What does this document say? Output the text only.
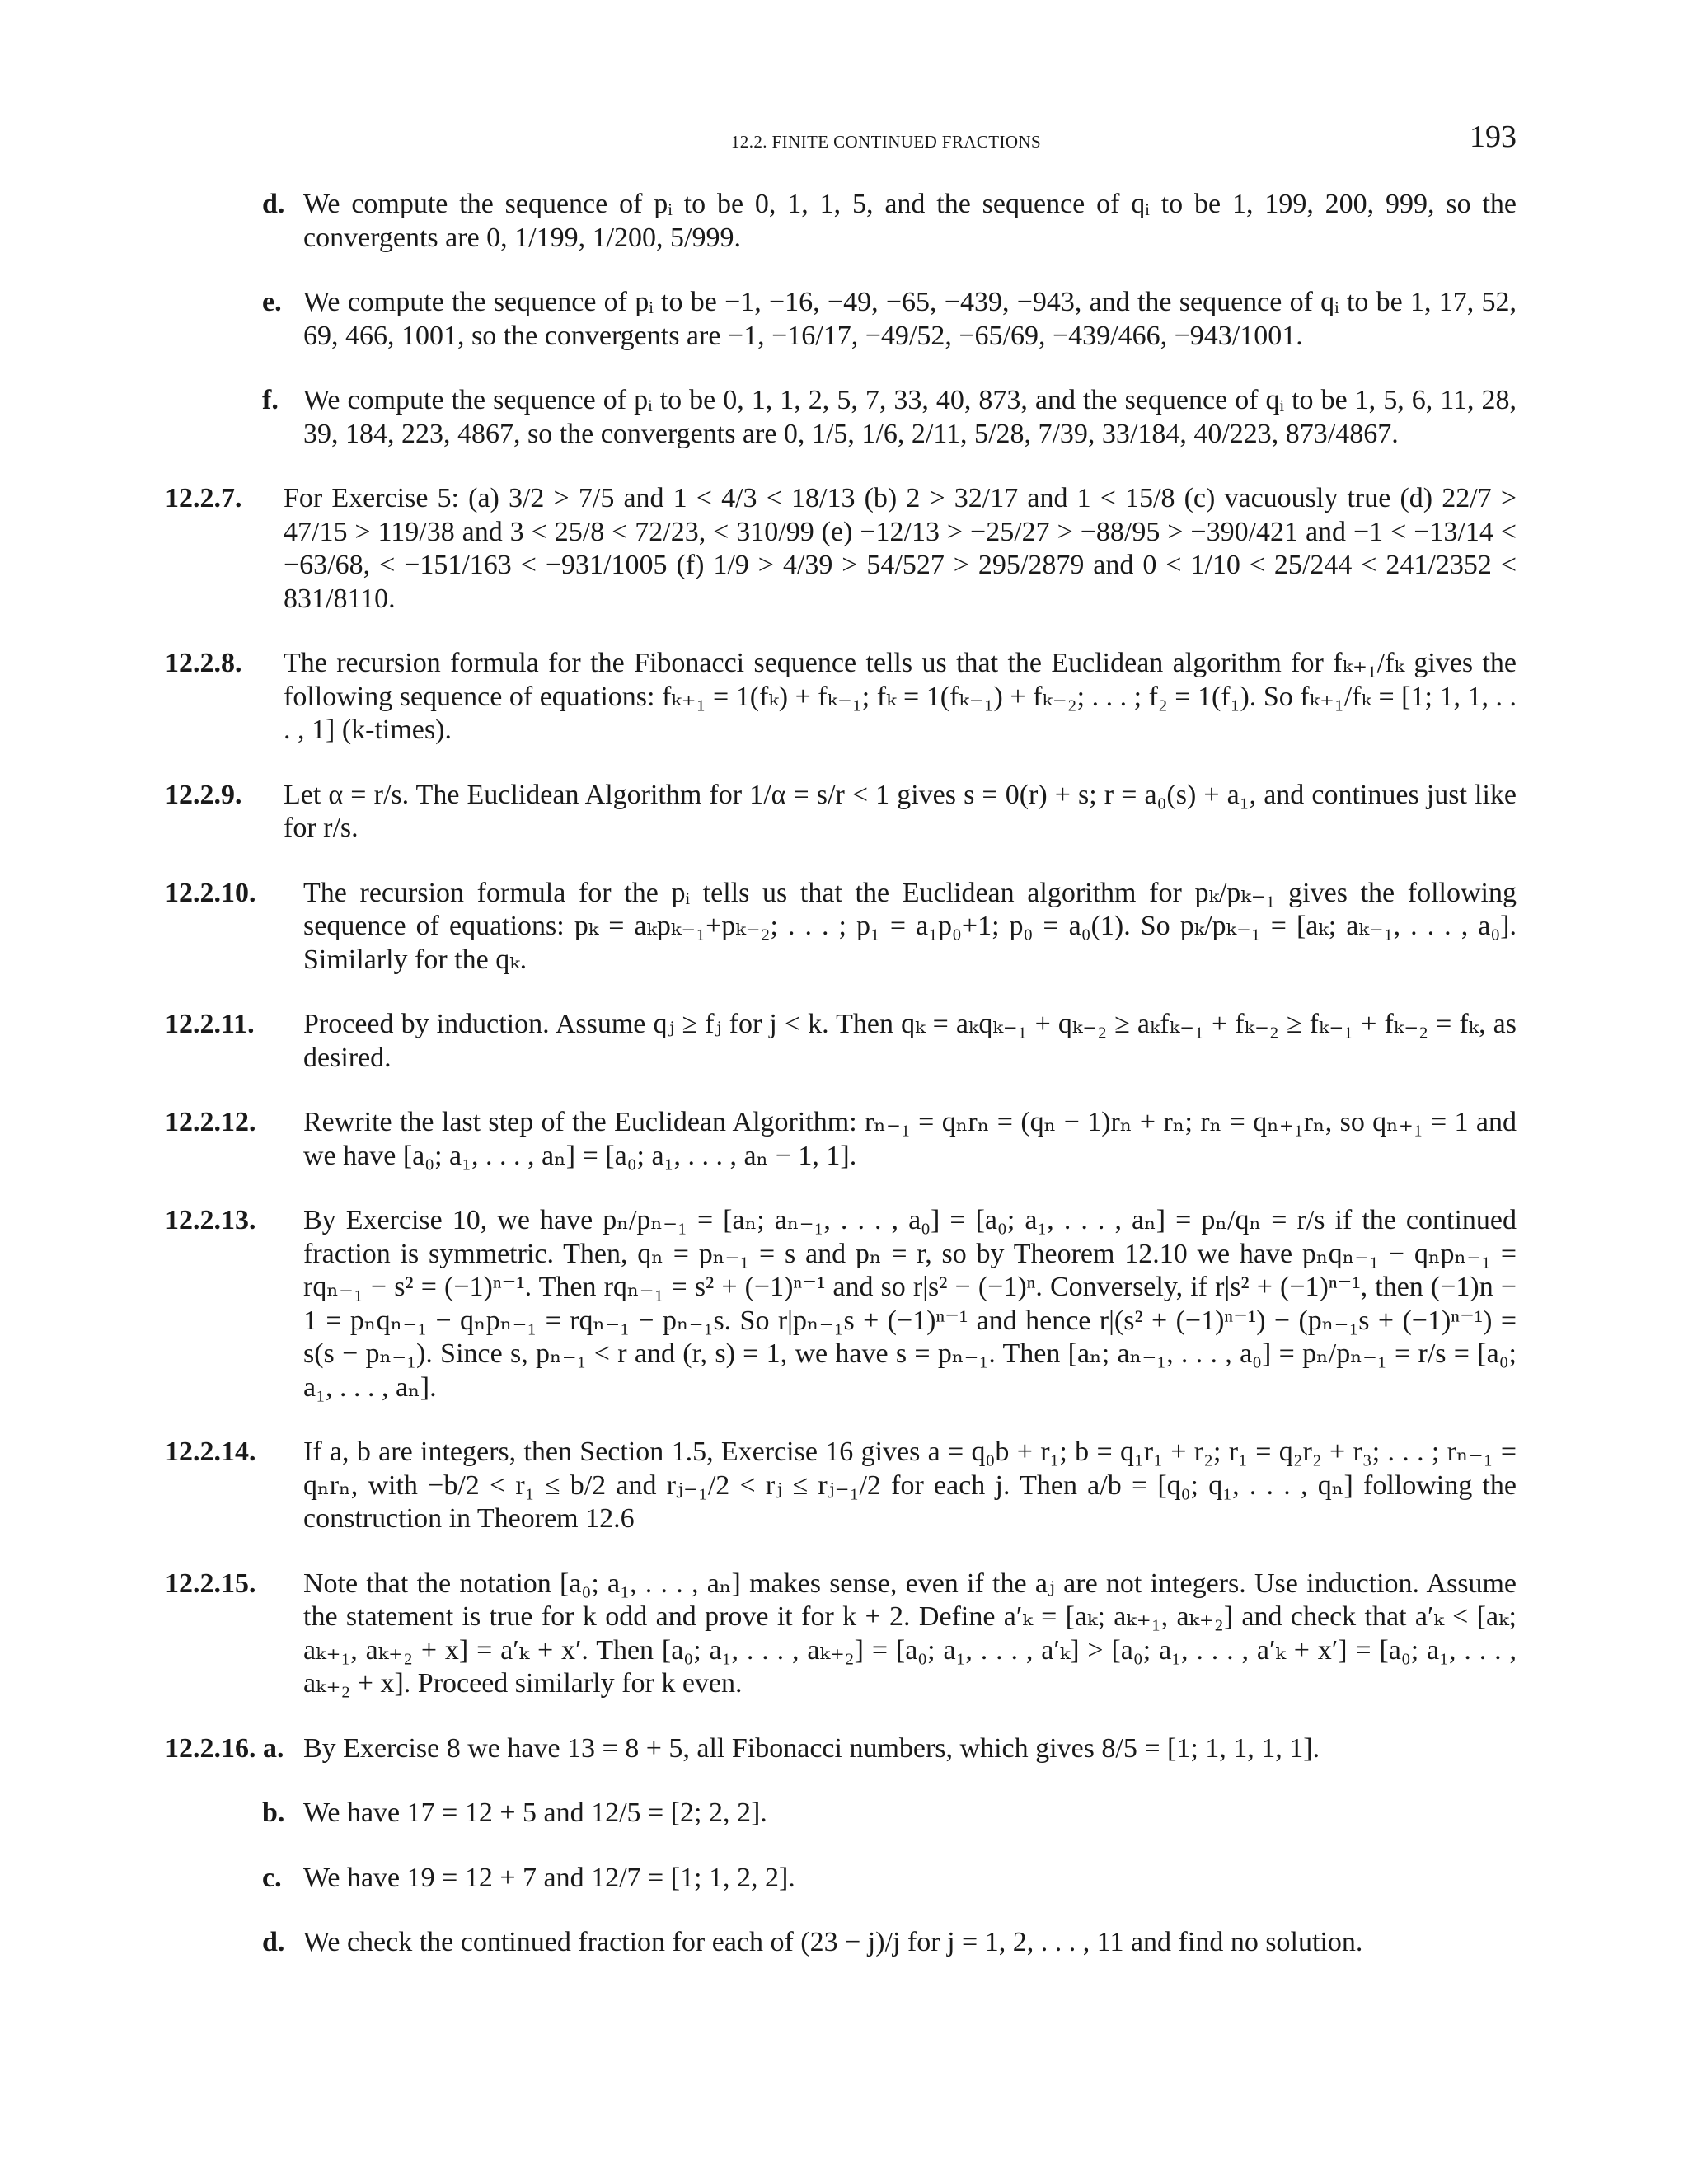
12.2. FINITE CONTINUED FRACTIONS	193
d. We compute the sequence of pᵢ to be 0, 1, 1, 5, and the sequence of qᵢ to be 1, 199, 200, 999, so the convergents are 0, 1/199, 1/200, 5/999.
e. We compute the sequence of pᵢ to be −1, −16, −49, −65, −439, −943, and the sequence of qᵢ to be 1, 17, 52, 69, 466, 1001, so the convergents are −1, −16/17, −49/52, −65/69, −439/466, −943/1001.
f. We compute the sequence of pᵢ to be 0, 1, 1, 2, 5, 7, 33, 40, 873, and the sequence of qᵢ to be 1, 5, 6, 11, 28, 39, 184, 223, 4867, so the convergents are 0, 1/5, 1/6, 2/11, 5/28, 7/39, 33/184, 40/223, 873/4867.
12.2.7. For Exercise 5: (a) 3/2 > 7/5 and 1 < 4/3 < 18/13 (b) 2 > 32/17 and 1 < 15/8 (c) vacuously true (d) 22/7 > 47/15 > 119/38 and 3 < 25/8 < 72/23, < 310/99 (e) −12/13 > −25/27 > −88/95 > −390/421 and −1 < −13/14 < −63/68, < −151/163 < −931/1005 (f) 1/9 > 4/39 > 54/527 > 295/2879 and 0 < 1/10 < 25/244 < 241/2352 < 831/8110.
12.2.8. The recursion formula for the Fibonacci sequence tells us that the Euclidean algorithm for fₖ₊₁/fₖ gives the following sequence of equations: fₖ₊₁ = 1(fₖ) + fₖ₋₁; fₖ = 1(fₖ₋₁) + fₖ₋₂; . . . ; f₂ = 1(f₁). So fₖ₊₁/fₖ = [1; 1, 1, . . . , 1] (k-times).
12.2.9. Let α = r/s. The Euclidean Algorithm for 1/α = s/r < 1 gives s = 0(r) + s; r = a₀(s) + a₁, and continues just like for r/s.
12.2.10. The recursion formula for the pᵢ tells us that the Euclidean algorithm for pₖ/pₖ₋₁ gives the following sequence of equations: pₖ = aₖpₖ₋₁+pₖ₋₂; . . . ; p₁ = a₁p₀+1; p₀ = a₀(1). So pₖ/pₖ₋₁ = [aₖ; aₖ₋₁, . . . , a₀]. Similarly for the qₖ.
12.2.11. Proceed by induction. Assume qⱼ ≥ fⱼ for j < k. Then qₖ = aₖqₖ₋₁ + qₖ₋₂ ≥ aₖfₖ₋₁ + fₖ₋₂ ≥ fₖ₋₁ + fₖ₋₂ = fₖ, as desired.
12.2.12. Rewrite the last step of the Euclidean Algorithm: rₙ₋₁ = qₙrₙ = (qₙ − 1)rₙ + rₙ; rₙ = qₙ₊₁rₙ, so qₙ₊₁ = 1 and we have [a₀; a₁, . . . , aₙ] = [a₀; a₁, . . . , aₙ − 1, 1].
12.2.13. By Exercise 10, we have pₙ/pₙ₋₁ = [aₙ; aₙ₋₁, . . . , a₀] = [a₀; a₁, . . . , aₙ] = pₙ/qₙ = r/s if the continued fraction is symmetric. Then, qₙ = pₙ₋₁ = s and pₙ = r, so by Theorem 12.10 we have pₙqₙ₋₁ − qₙpₙ₋₁ = rqₙ₋₁ − s² = (−1)ⁿ⁻¹. Then rqₙ₋₁ = s² + (−1)ⁿ⁻¹ and so r|s² − (−1)ⁿ. Conversely, if r|s² + (−1)ⁿ⁻¹, then (−1)n − 1 = pₙqₙ₋₁ − qₙpₙ₋₁ = rqₙ₋₁ − pₙ₋₁s. So r|pₙ₋₁s + (−1)ⁿ⁻¹ and hence r|(s² + (−1)ⁿ⁻¹) − (pₙ₋₁s + (−1)ⁿ⁻¹) = s(s − pₙ₋₁). Since s, pₙ₋₁ < r and (r, s) = 1, we have s = pₙ₋₁. Then [aₙ; aₙ₋₁, . . . , a₀] = pₙ/pₙ₋₁ = r/s = [a₀; a₁, . . . , aₙ].
12.2.14. If a, b are integers, then Section 1.5, Exercise 16 gives a = q₀b + r₁; b = q₁r₁ + r₂; r₁ = q₂r₂ + r₃; . . . ; rₙ₋₁ = qₙrₙ, with −b/2 < r₁ ≤ b/2 and rⱼ₋₁/2 < rⱼ ≤ rⱼ₋₁/2 for each j. Then a/b = [q₀; q₁, . . . , qₙ] following the construction in Theorem 12.6
12.2.15. Note that the notation [a₀; a₁, . . . , aₙ] makes sense, even if the aⱼ are not integers. Use induction. Assume the statement is true for k odd and prove it for k + 2. Define a′ₖ = [aₖ; aₖ₊₁, aₖ₊₂] and check that a′ₖ < [aₖ; aₖ₊₁, aₖ₊₂ + x] = a′ₖ + x′. Then [a₀; a₁, . . . , aₖ₊₂] = [a₀; a₁, . . . , a′ₖ] > [a₀; a₁, . . . , a′ₖ + x′] = [a₀; a₁, . . . , aₖ₊₂ + x]. Proceed similarly for k even.
12.2.16. a. By Exercise 8 we have 13 = 8 + 5, all Fibonacci numbers, which gives 8/5 = [1; 1, 1, 1, 1].
b. We have 17 = 12 + 5 and 12/5 = [2; 2, 2].
c. We have 19 = 12 + 7 and 12/7 = [1; 1, 2, 2].
d. We check the continued fraction for each of (23 − j)/j for j = 1, 2, . . . , 11 and find no solution.
